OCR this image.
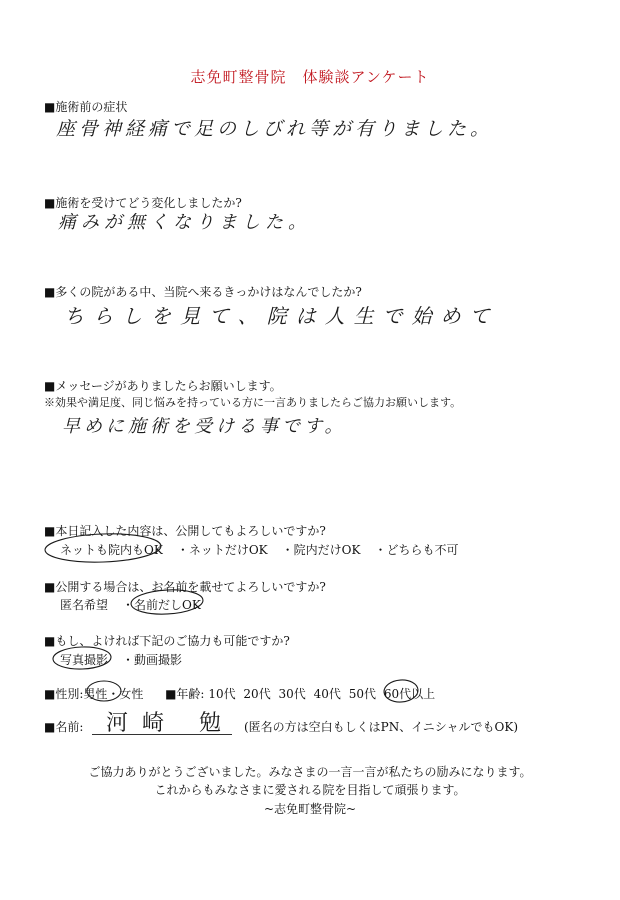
志免町整骨院　体験談アンケート
■施術前の症状
座骨神経痛で足のしびれ等が有りました。
■施術を受けてどう変化しましたか?
痛みが無くなりました。
■多くの院がある中、当院へ来るきっかけはなんでしたか?
ちらしを見て、院は人生で始めて
■メッセージがありましたらお願いします。
※効果や満足度、同じ悩みを持っている方に一言ありましたらご協力お願いします。
早めに施術を受ける事です。
■本日記入した内容は、公開してもよろしいですか?
ネットも院内もOK ・ネットだけOK ・院内だけOK ・どちらも不可
■公開する場合は、お名前を載せてよろしいですか?
匿名希望 ・名前だしOK
■もし、よければ下記のご協力も可能ですか?
写真撮影 ・動画撮影
■性別:男性・女性 ■年齢: 10代 20代 30代 40代 50代 60代以上
■名前: 河崎 勉 (匿名の方は空白もしくはPN、イニシャルでもOK)
ご協力ありがとうございました。みなさまの一言一言が私たちの励みになります。
これからもみなさまに愛される院を目指して頑張ります。
~志免町整骨院~
